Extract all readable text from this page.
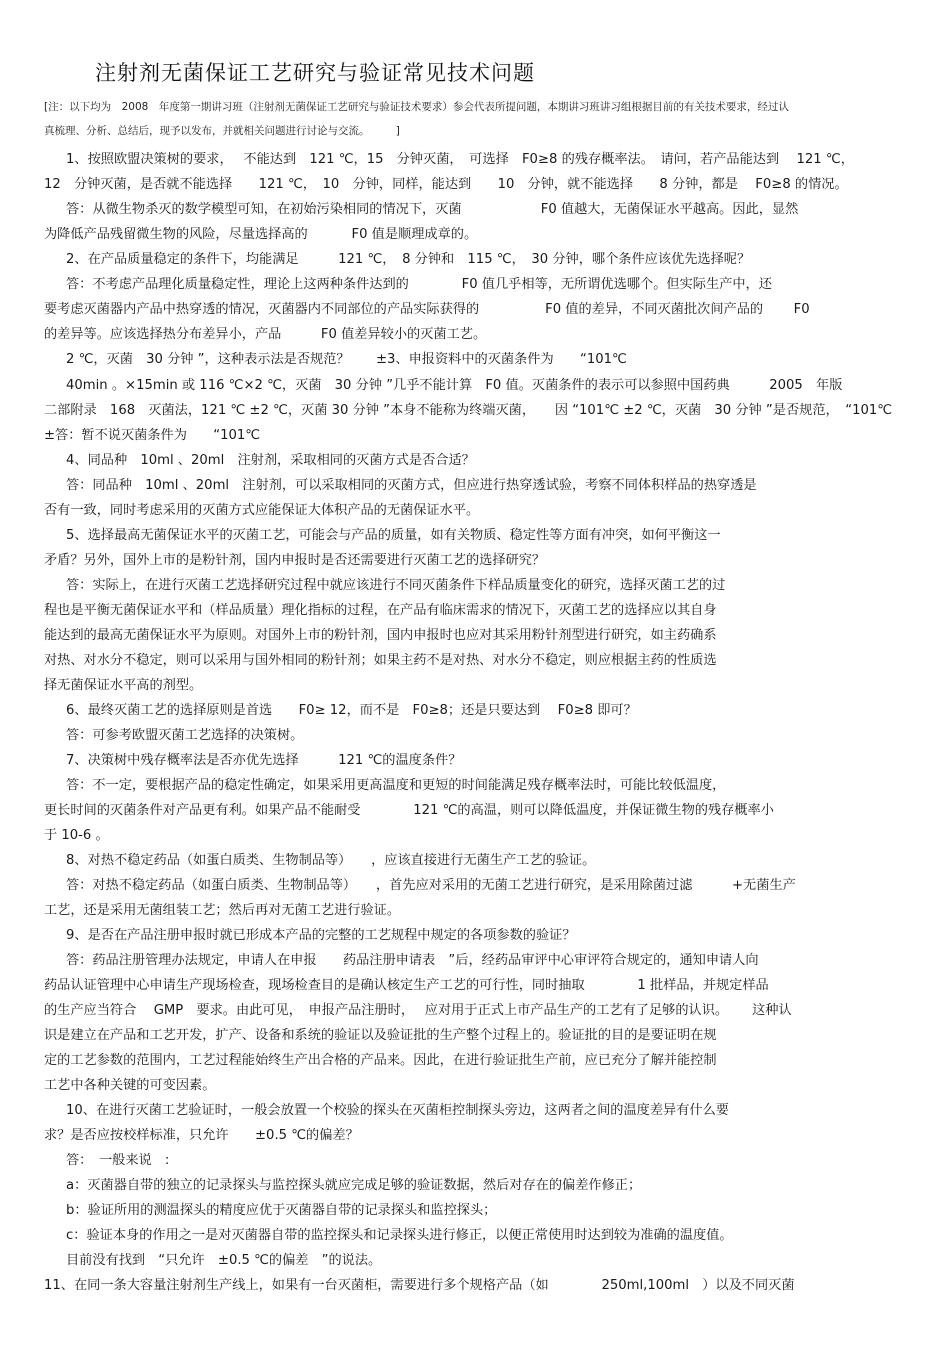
注射剂无菌保证工艺研究与验证常见技术问题
[注：以下均为　2008　年度第一期讲习班（注射剂无菌保证工艺研究与验证技术要求）参会代表所提问题，本期讲习班讲习组根据目前的有关技术要求，经过认
真梳理、分析、总结后，现予以发布，并就相关问题进行讨论与交流。　　　]
1、按照欧盟决策树的要求，　 不能达到　121 ℃，15　分钟灭菌，　可选择　F0≥8 的残存概率法。　请问，若产品能达到　 121 ℃，
12　分钟灭菌，是否就不能选择　　121 ℃，　10　分钟，同样，能达到　　10　分钟，就不能选择　　8 分钟，都是　 F0≥8 的情况。
答：从微生物杀灭的数学模型可知，在初始污染相同的情况下，灭菌　　　　　　F0 值越大，无菌保证水平越高。因此，显然
为降低产品残留微生物的风险，尽量选择高的　　　 F0 值是顺理成章的。
2、在产品质量稳定的条件下，均能满足　　　121 ℃，　8 分钟和　115 ℃，　30 分钟，哪个条件应该优先选择呢？
答：不考虑产品理化质量稳定性，理论上这两种条件达到的　　　　F0 值几乎相等，无所谓优选哪个。但实际生产中，还
要考虑灭菌器内产品中热穿透的情况，灭菌器内不同部位的产品实际获得的　　　　　F0 值的差异，不同灭菌批次间产品的　　 F0
的差异等。应该选择热分布差异小，产品　　　F0 值差异较小的灭菌工艺。
2 ℃，灭菌　30 分钟 ”，这种表示法是否规范？　　±3、申报资料中的灭菌条件为　　“101℃
40min 。×15min 或 116 ℃×2 ℃，灭菌　30 分钟 ”几乎不能计算　F0 值。灭菌条件的表示可以参照中国药典　　　2005　年版
二部附录　168　灭菌法，121 ℃ ±2 ℃，灭菌 30 分钟 ”本身不能称为终端灭菌，　　因 “101℃ ±2 ℃，灭菌　30 分钟 ”是否规范，　“101℃
±答：暂不说灭菌条件为　　“101℃
4、同品种　10ml 、20ml　注射剂，采取相同的灭菌方式是否合适？
答：同品种　10ml 、20ml　注射剂，可以采取相同的灭菌方式，但应进行热穿透试验，考察不同体积样品的热穿透是
否有一致，同时考虑采用的灭菌方式应能保证大体积产品的无菌保证水平。
5、选择最高无菌保证水平的灭菌工艺，可能会与产品的质量，如有关物质、稳定性等方面有冲突，如何平衡这一
矛盾？另外，国外上市的是粉针剂，国内申报时是否还需要进行灭菌工艺的选择研究？
答：实际上，在进行灭菌工艺选择研究过程中就应该进行不同灭菌条件下样品质量变化的研究，选择灭菌工艺的过
程也是平衡无菌保证水平和（样品质量）理化指标的过程，在产品有临床需求的情况下，灭菌工艺的选择应以其自身
能达到的最高无菌保证水平为原则。对国外上市的粉针剂，国内申报时也应对其采用粉针剂型进行研究，如主药确系
对热、对水分不稳定，则可以采用与国外相同的粉针剂；如果主药不是对热、对水分不稳定，则应根据主药的性质选
择无菌保证水平高的剂型。
6、最终灭菌工艺的选择原则是首选　　F0≥ 12，而不是　F0≥8；还是只要达到　 F0≥8 即可？
答：可参考欧盟灭菌工艺选择的决策树。
7、决策树中残存概率法是否亦优先选择　　　121 ℃的温度条件？
答：不一定，要根据产品的稳定性确定，如果采用更高温度和更短的时间能满足残存概率法时，可能比较低温度，
更长时间的灭菌条件对产品更有利。如果产品不能耐受　　　　121 ℃的高温，则可以降低温度，并保证微生物的残存概率小
于 10-6 。
8、对热不稳定药品（如蛋白质类、生物制品等）　　，应该直接进行无菌生产工艺的验证。
答：对热不稳定药品（如蛋白质类、生物制品等）　　，首先应对采用的无菌工艺进行研究，是采用除菌过滤　　　+无菌生产
工艺，还是采用无菌组装工艺；然后再对无菌工艺进行验证。
9、是否在产品注册申报时就已形成本产品的完整的工艺规程中规定的各项参数的验证？
答：药品注册管理办法规定，申请人在申报　　药品注册申请表　”后，经药品审评中心审评符合规定的，通知申请人向
药品认证管理中心申请生产现场检查，现场检查目的是确认核定生产工艺的可行性，同时抽取　　　　1 批样品，并规定样品
的生产应当符合　 GMP　要求。由此可见，　申报产品注册时，　 应对用于正式上市产品生产的工艺有了足够的认识。　　 这种认
识是建立在产品和工艺开发，扩产、设备和系统的验证以及验证批的生产整个过程上的。验证批的目的是要证明在规
定的工艺参数的范围内，工艺过程能始终生产出合格的产品来。因此，在进行验证批生产前，应已充分了解并能控制
工艺中各种关键的可变因素。
10、在进行灭菌工艺验证时，一般会放置一个校验的探头在灭菌柜控制探头旁边，这两者之间的温度差异有什么要
求？是否应按校样标准，只允许　　±0.5 ℃的偏差？
答：　一般来说　:
a：灭菌器自带的独立的记录探头与监控探头就应完成足够的验证数据，然后对存在的偏差作修正；
b：验证所用的测温探头的精度应优于灭菌器自带的记录探头和监控探头；
c：验证本身的作用之一是对灭菌器自带的监控探头和记录探头进行修正，以便正常使用时达到较为准确的温度值。
目前没有找到　“只允许　±0.5 ℃的偏差　”的说法。
11、在同一条大容量注射剂生产线上，如果有一台灭菌柜，需要进行多个规格产品（如　　　　250ml,100ml　）以及不同灭菌
